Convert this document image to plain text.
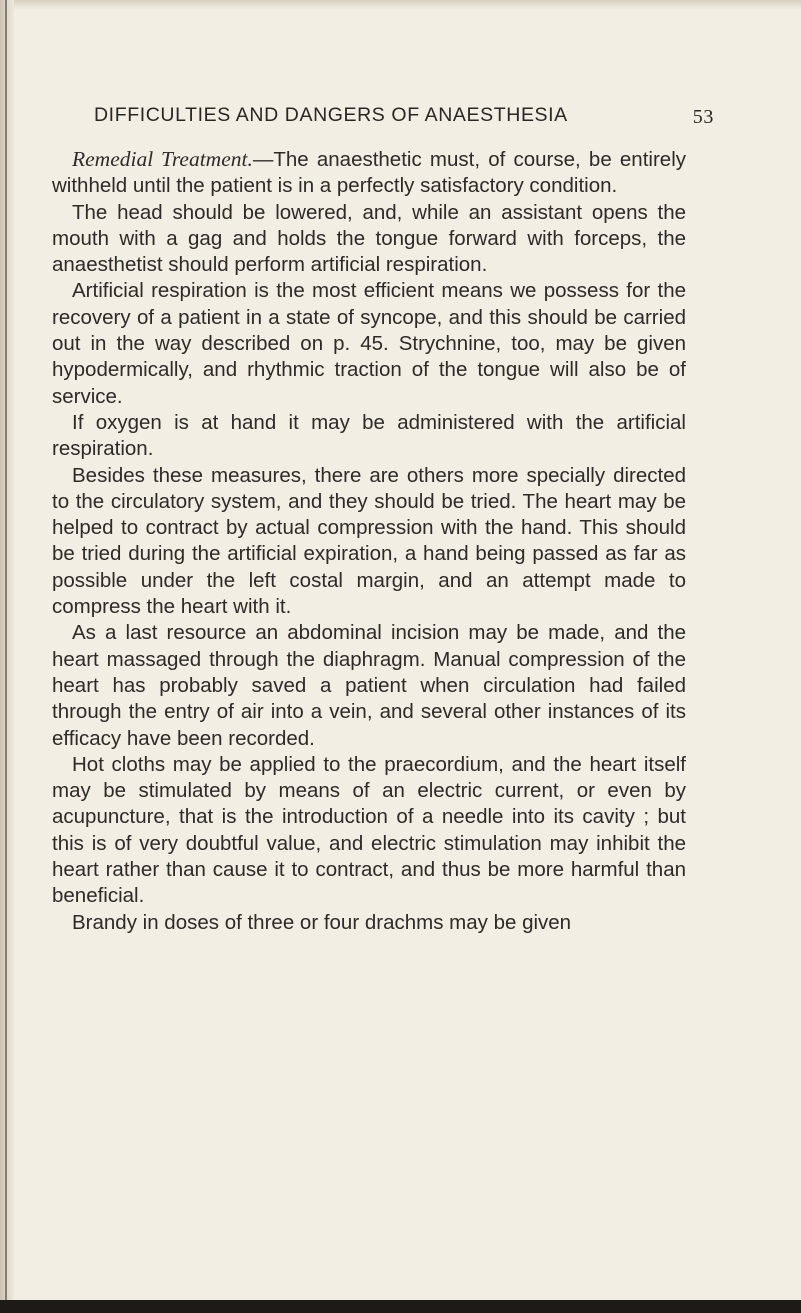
DIFFICULTIES AND DANGERS OF ANAESTHESIA	53

Remedial Treatment.—The anaesthetic must, of course, be entirely withheld until the patient is in a perfectly satisfactory condition.

The head should be lowered, and, while an assistant opens the mouth with a gag and holds the tongue forward with forceps, the anaesthetist should perform artificial respiration.

Artificial respiration is the most efficient means we possess for the recovery of a patient in a state of syncope, and this should be carried out in the way described on p. 45. Strychnine, too, may be given hypodermically, and rhythmic traction of the tongue will also be of service.

If oxygen is at hand it may be administered with the artificial respiration.

Besides these measures, there are others more specially directed to the circulatory system, and they should be tried. The heart may be helped to contract by actual compression with the hand. This should be tried during the artificial expiration, a hand being passed as far as possible under the left costal margin, and an attempt made to compress the heart with it.

As a last resource an abdominal incision may be made, and the heart massaged through the diaphragm. Manual compression of the heart has probably saved a patient when circulation had failed through the entry of air into a vein, and several other instances of its efficacy have been recorded.

Hot cloths may be applied to the praecordium, and the heart itself may be stimulated by means of an electric current, or even by acupuncture, that is the introduction of a needle into its cavity ; but this is of very doubtful value, and electric stimulation may inhibit the heart rather than cause it to contract, and thus be more harmful than beneficial.

Brandy in doses of three or four drachms may be given
